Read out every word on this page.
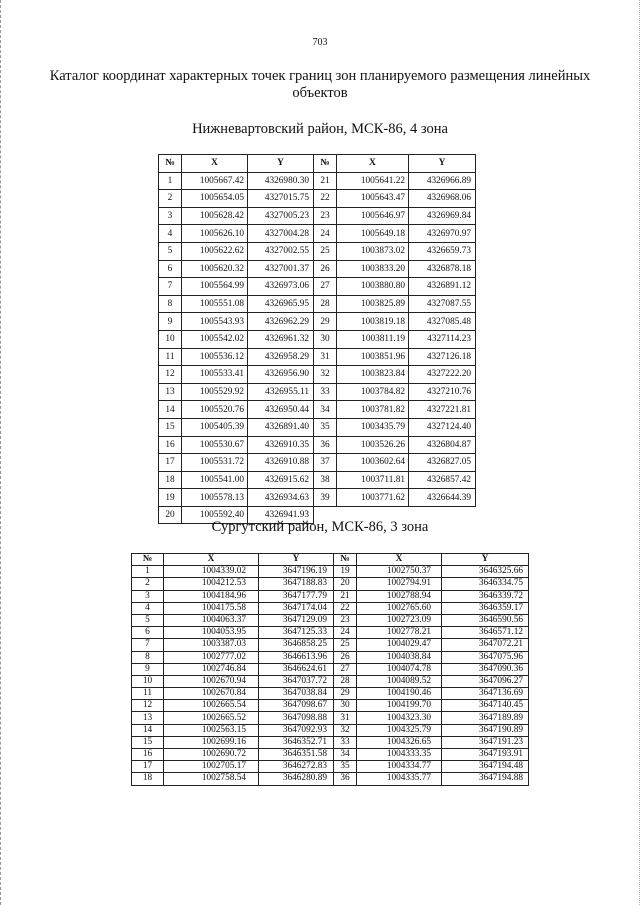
703
Каталог координат характерных точек границ зон планируемого размещения линейных объектов
Нижневартовский район, МСК-86, 4 зона
№	X	Y	№	X	Y
1	1005667.42	4326980.30	21	1005641.22	4326966.89
2	1005654.05	4327015.75	22	1005643.47	4326968.06
3	1005628.42	4327005.23	23	1005646.97	4326969.84
4	1005626.10	4327004.28	24	1005649.18	4326970.97
5	1005622.62	4327002.55	25	1003873.02	4326659.73
6	1005620.32	4327001.37	26	1003833.20	4326878.18
7	1005564.99	4326973.06	27	1003880.80	4326891.12
8	1005551.08	4326965.95	28	1003825.89	4327087.55
9	1005543.93	4326962.29	29	1003819.18	4327085.48
10	1005542.02	4326961.32	30	1003811.19	4327114.23
11	1005536.12	4326958.29	31	1003851.96	4327126.18
12	1005533.41	4326956.90	32	1003823.84	4327222.20
13	1005529.92	4326955.11	33	1003784.82	4327210.76
14	1005520.76	4326950.44	34	1003781.82	4327221.81
15	1005405.39	4326891.40	35	1003435.79	4327124.40
16	1005530.67	4326910.35	36	1003526.26	4326804.87
17	1005531.72	4326910.88	37	1003602.64	4326827.05
18	1005541.00	4326915.62	38	1003711.81	4326857.42
19	1005578.13	4326934.63	39	1003771.62	4326644.39
20	1005592.40	4326941.93			
Сургутский район, МСК-86, 3 зона
№	X	Y	№	X	Y
1	1004339.02	3647196.19	19	1002750.37	3646325.66
2	1004212.53	3647188.83	20	1002794.91	3646334.75
3	1004184.96	3647177.79	21	1002788.94	3646339.72
4	1004175.58	3647174.04	22	1002765.60	3646359.17
5	1004063.37	3647129.09	23	1002723.09	3646590.56
6	1004053.95	3647125.33	24	1002778.21	3646571.12
7	1003387.03	3646858.25	25	1004029.47	3647072.21
8	1002777.02	3646613.96	26	1004038.84	3647075.96
9	1002746.84	3646624.61	27	1004074.78	3647090.36
10	1002670.94	3647037.72	28	1004089.52	3647096.27
11	1002670.84	3647038.84	29	1004190.46	3647136.69
12	1002665.54	3647098.67	30	1004199.70	3647140.45
13	1002665.52	3647098.88	31	1004323.30	3647189.89
14	1002563.15	3647092.93	32	1004325.79	3647190.89
15	1002699.16	3646352.71	33	1004326.65	3647191.23
16	1002690.72	3646351.58	34	1004333.35	3647193.91
17	1002705.17	3646272.83	35	1004334.77	3647194.48
18	1002758.54	3646280.89	36	1004335.77	3647194.88
